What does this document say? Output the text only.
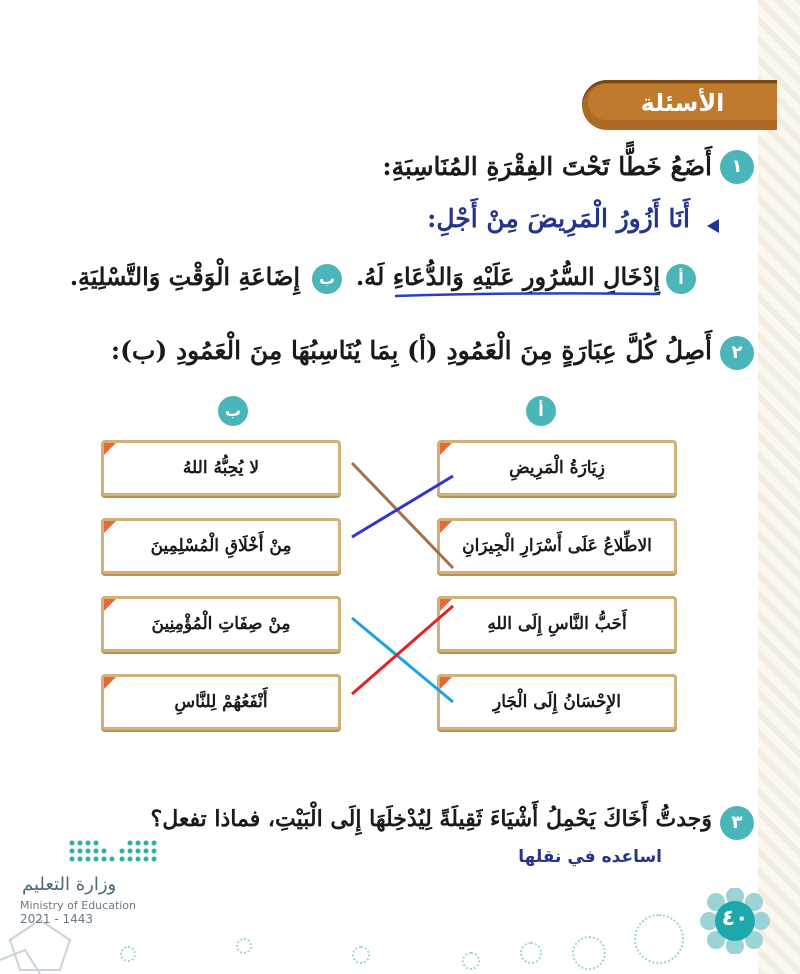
الأسئلة
١
أَضَعُ خَطًّا تَحْتَ الفِقْرَةِ المُنَاسِبَةِ:
أَنَا أَزُورُ الْمَرِيضَ مِنْ أَجْلِ:
أ
إِدْخَالِ السُّرُورِ عَلَيْهِ وَالدُّعَاءِ لَهُ.
ب
إِضَاعَةِ الْوَقْتِ وَالتَّسْلِيَةِ.
٢
أَصِلُ كُلَّ عِبَارَةٍ مِنَ الْعَمُودِ (أ) بِمَا يُنَاسِبُهَا مِنَ الْعَمُودِ (ب):
أ
ب
زِيَارَةُ الْمَرِيضِ
الاطِّلاعُ عَلَى أَسْرَارِ الْجِيرَانِ
أَحَبُّ النَّاسِ إِلَى اللهِ
الإِحْسَانُ إِلَى الْجَارِ
لا يُحِبُّهُ اللهُ
مِنْ أَخْلَاقِ الْمُسْلِمِينَ
مِنْ صِفَاتِ الْمُؤْمِنِينَ
أَنْفَعُهُمْ لِلنَّاسِ
٣
وَجدتُّ أَخَاكَ يَحْمِلُ أَشْيَاءَ ثَقِيلَةً لِيُدْخِلَهَا إِلَى الْبَيْتِ، فماذا تفعل؟
اساعده في نقلها
وزارة التعليم
Ministry of Education
2021 - 1443	٤٠
